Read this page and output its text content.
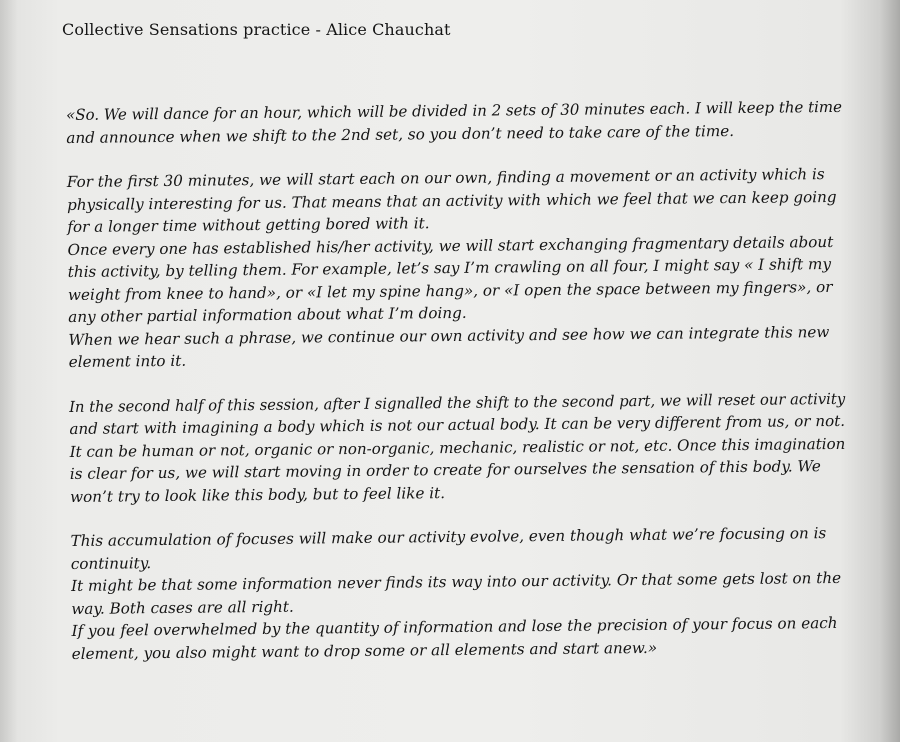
Collective Sensations practice - Alice Chauchat
«So. We will dance for an hour, which will be divided in 2 sets of 30 minutes each. I will keep the time
and announce when we shift to the 2nd set, so you don’t need to take care of the time.
For the first 30 minutes, we will start each on our own, finding a movement or an activity which is
physically interesting for us. That means that an activity with which we feel that we can keep going
for a longer time without getting bored with it.
Once every one has established his/her activity, we will start exchanging fragmentary details about
this activity, by telling them. For example, let’s say I’m crawling on all four, I might say « I shift my
weight from knee to hand», or «I let my spine hang», or «I open the space between my fingers», or
any other partial information about what I’m doing.
When we hear such a phrase, we continue our own activity and see how we can integrate this new
element into it.
In the second half of this session, after I signalled the shift to the second part, we will reset our activity
and start with imagining a body which is not our actual body. It can be very different from us, or not.
It can be human or not, organic or non-organic, mechanic, realistic or not, etc. Once this imagination
is clear for us, we will start moving in order to create for ourselves the sensation of this body. We
won’t try to look like this body, but to feel like it.
This accumulation of focuses will make our activity evolve, even though what we’re focusing on is
continuity.
It might be that some information never finds its way into our activity. Or that some gets lost on the
way. Both cases are all right.
If you feel overwhelmed by the quantity of information and lose the precision of your focus on each
element, you also might want to drop some or all elements and start anew.»
